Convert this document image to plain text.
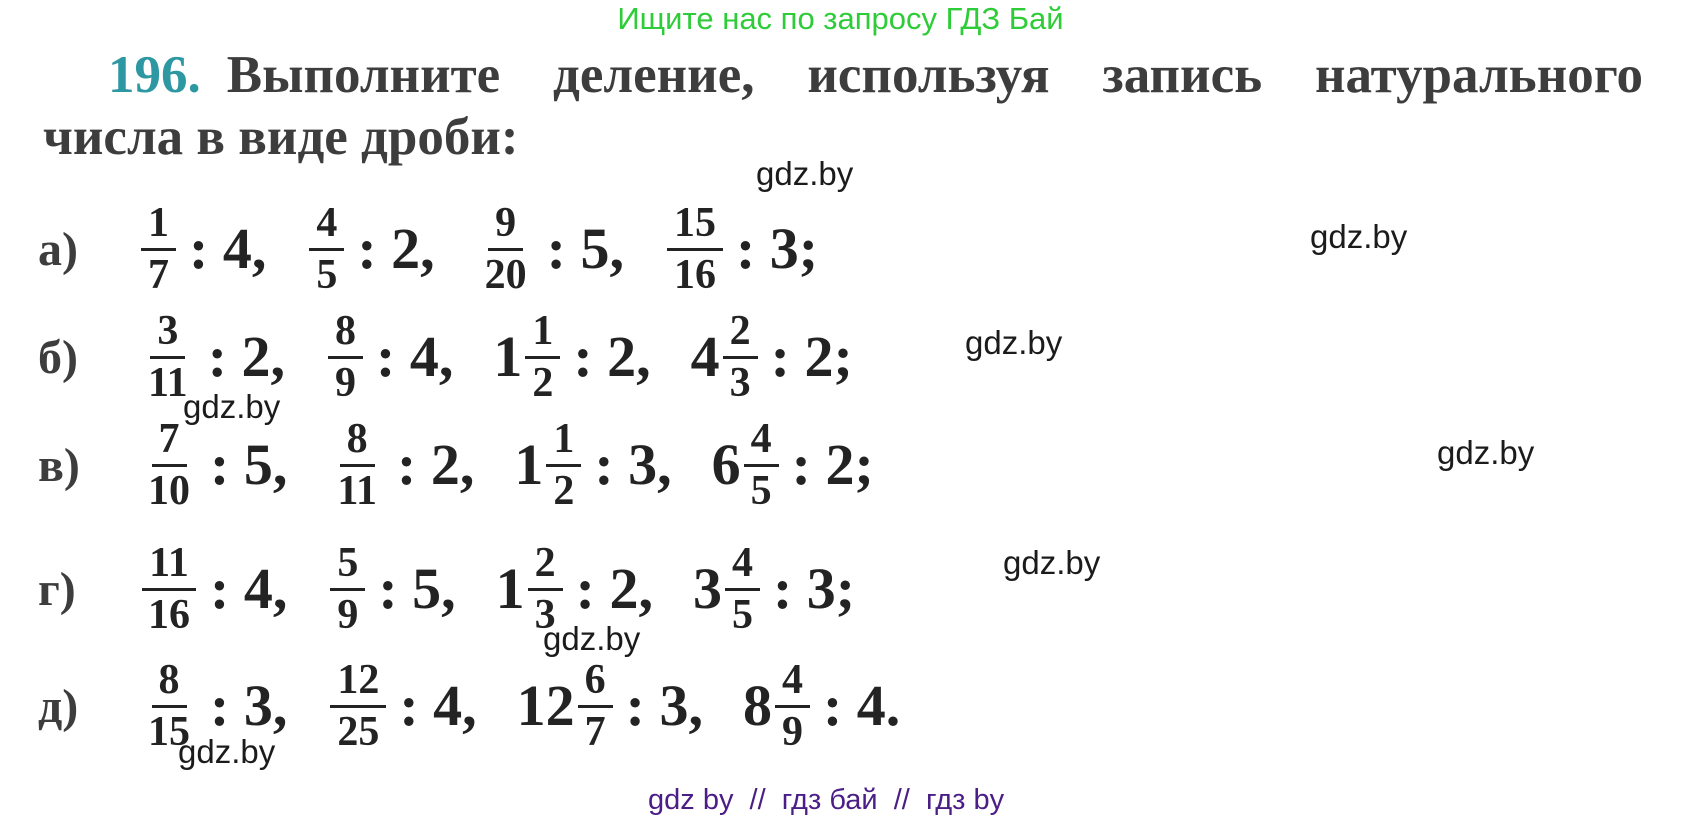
Ищите нас по запросу ГДЗ Бай
196. Выполните деление, используя запись натурального
числа в виде дроби:
а)	$\frac{1}{7}$ : 4, $\frac{4}{5}$ : 2, $\frac{9}{20}$ : 5, $\frac{15}{16}$ : 3;
б)	$\frac{3}{11}$ : 2, $\frac{8}{9}$ : 4, $1 \frac{1}{2}$ : 2, $4 \frac{2}{3}$ : 2;
в)	$\frac{7}{10}$ : 5, $\frac{8}{11}$ : 2, $1 \frac{1}{2}$ : 3, $6 \frac{4}{5}$ : 2;
г)	$\frac{11}{16}$ : 4, $\frac{5}{9}$ : 5, $1 \frac{2}{3}$ : 2, $3 \frac{4}{5}$ : 3;
д)	$\frac{8}{15}$ : 3, $\frac{12}{25}$ : 4, $12 \frac{6}{7}$ : 3, $8 \frac{4}{9}$ : 4.
gdz.by
gdz.by
gdz.by
gdz.by
gdz.by
gdz.by
gdz.by
gdz.by
gdz by  //  гдз бай  //  гдз by
